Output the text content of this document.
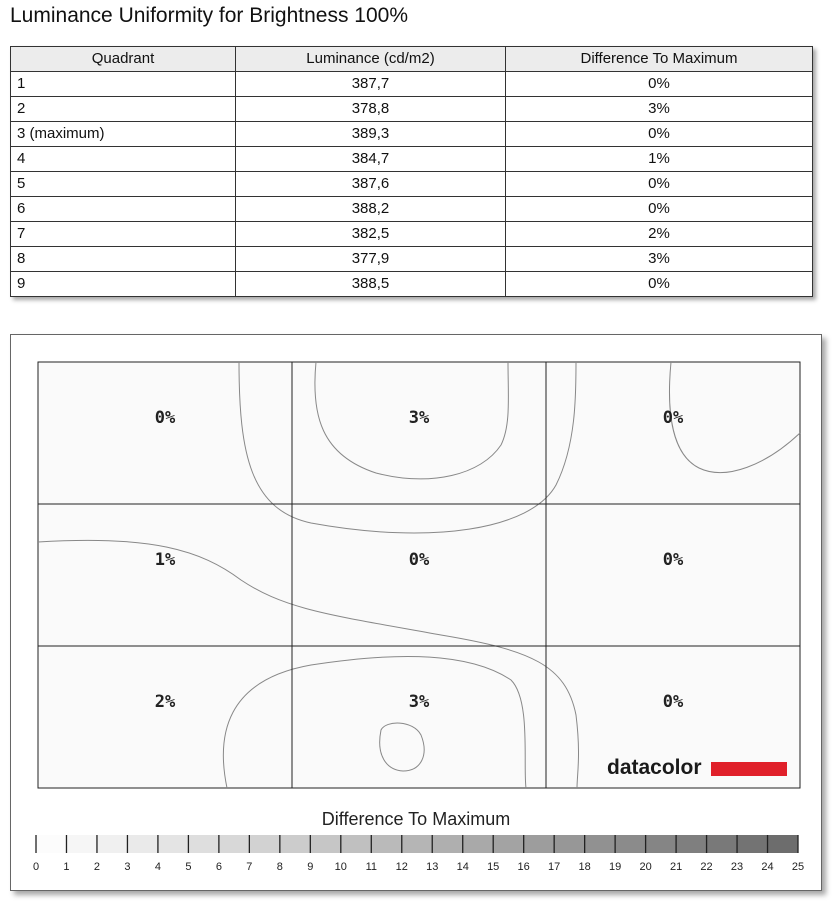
Luminance Uniformity for Brightness 100%
Quadrant	Luminance (cd/m2)	Difference To Maximum
1	387,7	0%
2	378,8	3%
3 (maximum)	389,3	0%
4	384,7	1%
5	387,6	0%
6	388,2	0%
7	382,5	2%
8	377,9	3%
9	388,5	0%
0%	3%	0%
1%	0%	0%
2%	3%	0%
datacolor
Difference To Maximum
0 1 2 3 4 5 6 7 8 9 10 11 12 13 14 15 16 17 18 19 20 21 22 23 24 25
